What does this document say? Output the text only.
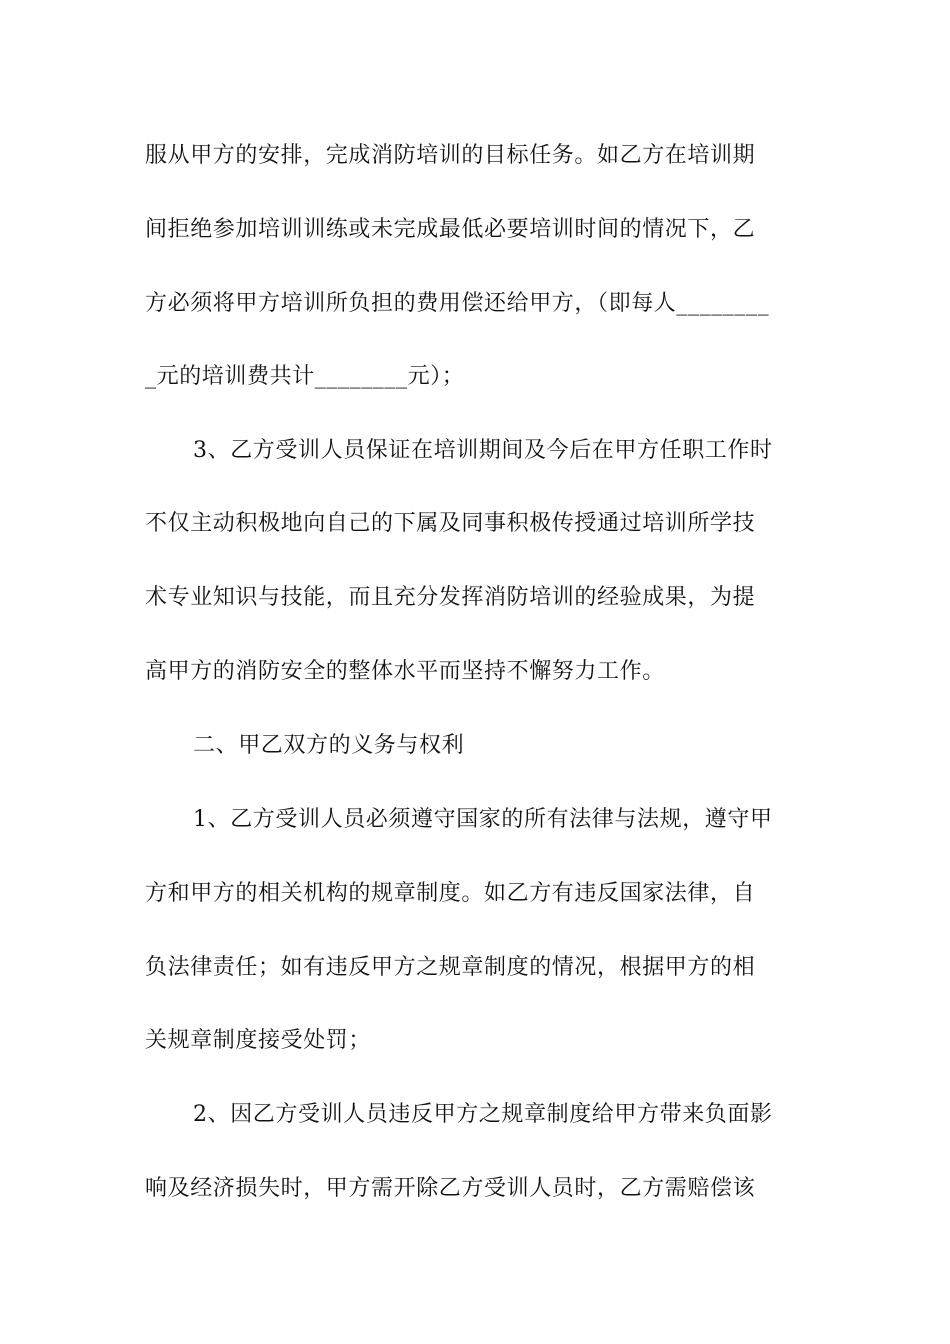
服从甲方的安排，完成消防培训的目标任务。如乙方在培训期
间拒绝参加培训训练或未完成最低必要培训时间的情况下，乙
方必须将甲方培训所负担的费用偿还给甲方，（即每人________
_元的培训费共计________元）；
3、乙方受训人员保证在培训期间及今后在甲方任职工作时
不仅主动积极地向自己的下属及同事积极传授通过培训所学技
术专业知识与技能，而且充分发挥消防培训的经验成果，为提
高甲方的消防安全的整体水平而坚持不懈努力工作。
二、甲乙双方的义务与权利
1、乙方受训人员必须遵守国家的所有法律与法规，遵守甲
方和甲方的相关机构的规章制度。如乙方有违反国家法律，自
负法律责任；如有违反甲方之规章制度的情况，根据甲方的相
关规章制度接受处罚；
2、因乙方受训人员违反甲方之规章制度给甲方带来负面影
响及经济损失时，甲方需开除乙方受训人员时，乙方需赔偿该
